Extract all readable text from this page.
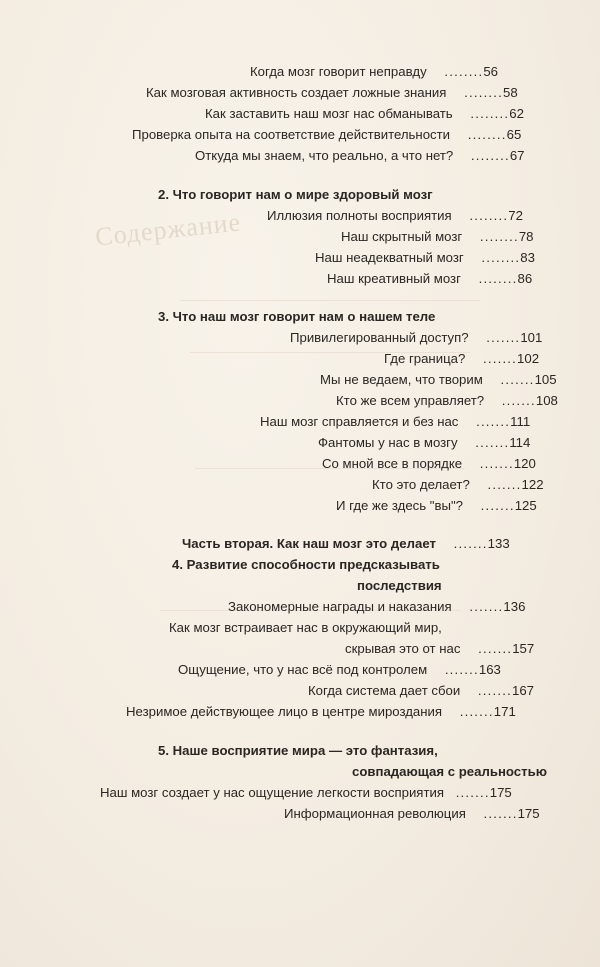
Содержание
Когда мозг говорит неправду ........56
Как мозговая активность создает ложные знания ........58
Как заставить наш мозг нас обманывать ........62
Проверка опыта на соответствие действительности ........65
Откуда мы знаем, что реально, а что нет? ........67
2. Что говорит нам о мире здоровый мозг
Иллюзия полноты восприятия ........72
Наш скрытный мозг ........78
Наш неадекватный мозг ........83
Наш креативный мозг ........86
3. Что наш мозг говорит нам о нашем теле
Привилегированный доступ? .......101
Где граница? .......102
Мы не ведаем, что творим .......105
Кто же всем управляет? .......108
Наш мозг справляется и без нас .......111
Фантомы у нас в мозгу .......114
Со мной все в порядке .......120
Кто это делает? .......122
И где же здесь "вы"? .......125
Часть вторая. Как наш мозг это делает .......133
4. Развитие способности предсказывать
последствия
Закономерные награды и наказания .......136
Как мозг встраивает нас в окружающий мир,
скрывая это от нас .......157
Ощущение, что у нас всё под контролем .......163
Когда система дает сбои .......167
Незримое действующее лицо в центре мироздания .......171
5. Наше восприятие мира — это фантазия,
совпадающая с реальностью
Наш мозг создает у нас ощущение легкости восприятия .......175
Информационная революция .......175
